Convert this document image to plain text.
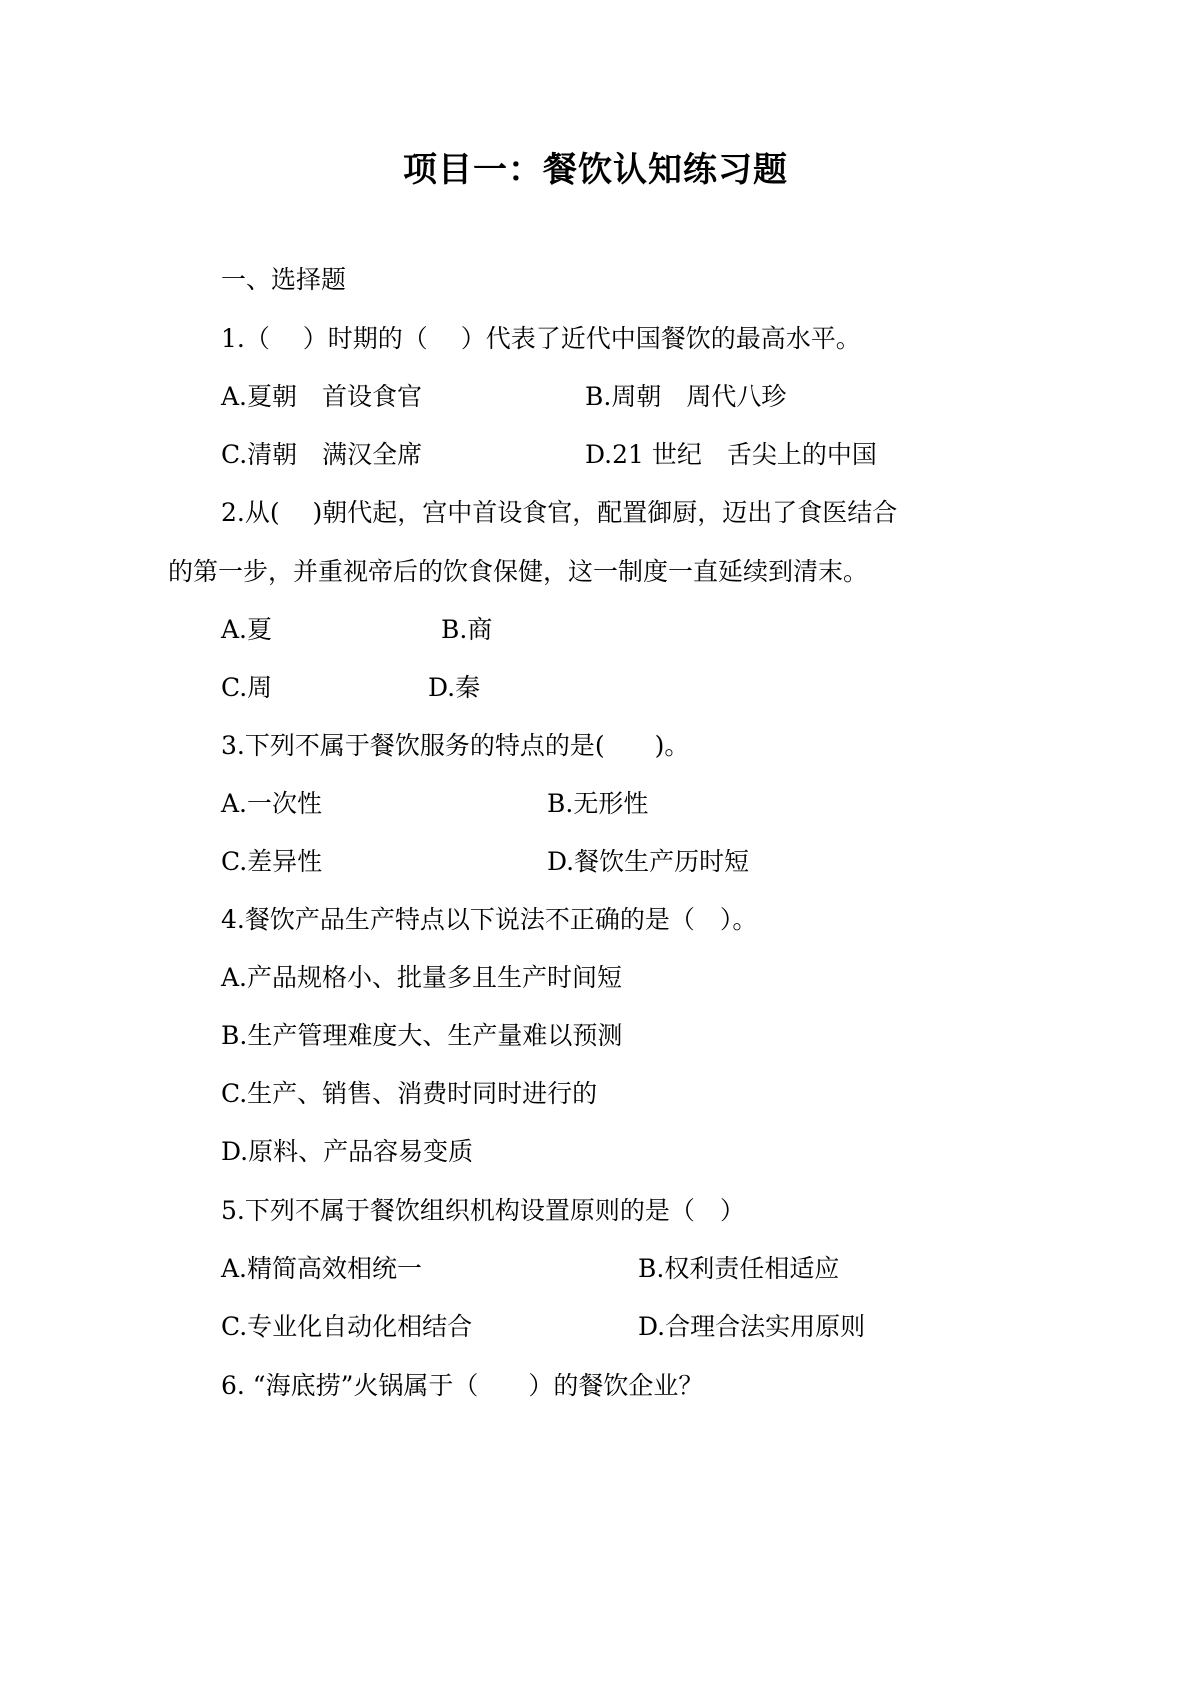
项目一：餐饮认知练习题
一、选择题
1.（　 ）时期的（　 ）代表了近代中国餐饮的最高水平。
A.夏朝　首设食官	B.周朝　周代八珍
C.清朝　满汉全席	D.21 世纪　舌尖上的中国
2.从(　 )朝代起，宫中首设食官，配置御厨，迈出了食医结合
的第一步，并重视帝后的饮食保健，这一制度一直延续到清末。
A.夏	B.商
C.周	D.秦
3.下列不属于餐饮服务的特点的是(　　)。
A.一次性	B.无形性
C.差异性	D.餐饮生产历时短
4.餐饮产品生产特点以下说法不正确的是（　）。
A.产品规格小、批量多且生产时间短
B.生产管理难度大、生产量难以预测
C.生产、销售、消费时同时进行的
D.原料、产品容易变质
5.下列不属于餐饮组织机构设置原则的是（　）
A.精简高效相统一	B.权利责任相适应
C.专业化自动化相结合	D.合理合法实用原则
6. “海底捞”火锅属于（　　）的餐饮企业？
